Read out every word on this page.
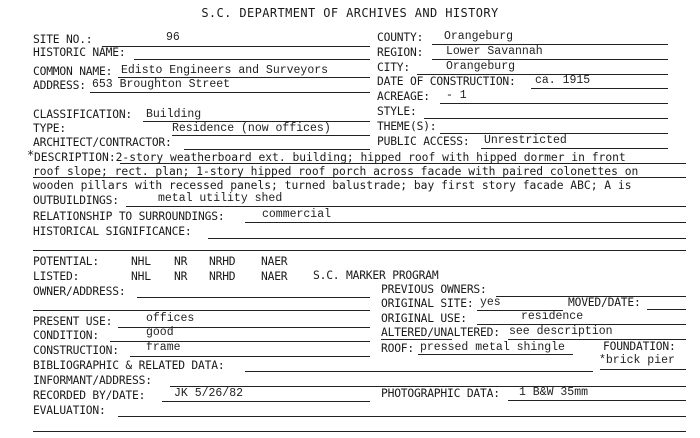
S.C. DEPARTMENT OF ARCHIVES AND HISTORY
SITE NO.:	96
HISTORIC NAME:
COMMON NAME: Edisto Engineers and Surveyors
ADDRESS: 653 Broughton Street
CLASSIFICATION: Building
TYPE:	Residence (now offices)
ARCHITECT/CONTRACTOR:
COUNTY: Orangeburg
REGION: Lower Savannah
CITY:	Orangeburg
DATE OF CONSTRUCTION: ca. 1915
ACREAGE: - 1
STYLE:
THEME(S):
PUBLIC ACCESS: Unrestricted
* DESCRIPTION:2-story weatherboard ext. building; hipped roof with hipped dormer in front
roof slope; rect. plan; 1-story hipped roof porch across facade with paired colonettes on
wooden pillars with recessed panels; turned balustrade; bay first story facade ABC; A is
OUTBUILDINGS:	metal utility shed
RELATIONSHIP TO SURROUNDINGS:	commercial
HISTORICAL SIGNIFICANCE:
POTENTIAL:	NHL NR NRHD NAER
LISTED:	NHL NR NRHD NAER S.C. MARKER PROGRAM
OWNER/ADDRESS:	PREVIOUS OWNERS:
ORIGINAL SITE: yes	MOVED/DATE:
PRESENT USE:	offices	ORIGINAL USE:	residence
CONDITION:	good	ALTERED/UNALTERED: see description
CONSTRUCTION: frame	ROOF: pressed metal shingle	FOUNDATION:
*brick pier
BIBLIOGRAPHIC & RELATED DATA:
INFORMANT/ADDRESS:
RECORDED BY/DATE:	JK 5/26/82	PHOTOGRAPHIC DATA: 1 B&W 35mm
EVALUATION:
